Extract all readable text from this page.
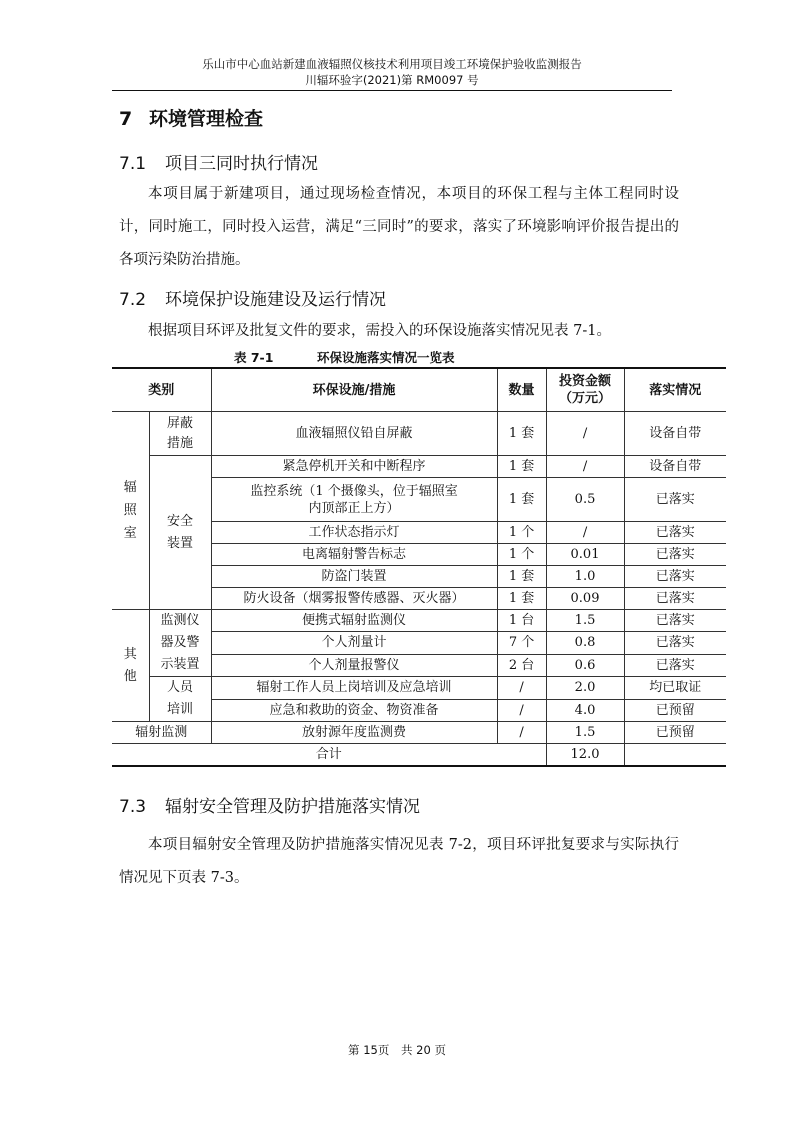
乐山市中心血站新建血液辐照仪核技术利用项目竣工环境保护验收监测报告
川辐环验字(2021)第 RM0097 号
7 环境管理检查
7.1 项目三同时执行情况
本项目属于新建项目，通过现场检查情况，本项目的环保工程与主体工程同时设计，同时施工，同时投入运营，满足“三同时”的要求，落实了环境影响评价报告提出的各项污染防治措施。
7.2 环境保护设施建设及运行情况
根据项目环评及批复文件的要求，需投入的环保设施落实情况见表 7-1。
表 7-1	环保设施落实情况一览表
类别		环保设施/措施	数量	投资金额（万元）	落实情况

辐照室	屏蔽措施	血液辐照仪铅自屏蔽	1 套	/	设备自带

	安全装置	紧急停机开关和中断程序	1 套	/	设备自带

		监控系统（1 个摄像头，位于辐照室内顶部正上方）	1 套	0.5	已落实
		工作状态指示灯	1 个	/	已落实
		电离辐射警告标志	1 个	0.01	已落实
		防盗门装置	1 套	1.0	已落实
		防火设备（烟雾报警传感器、灭火器）	1 套	0.09	已落实

其他	监测仪器及警示装置	便携式辐射监测仪	1 台	1.5	已落实
		个人剂量计	7 个	0.8	已落实
		个人剂量报警仪	2 台	0.6	已落实

	人员培训	辐射工作人员上岗培训及应急培训	/	2.0	均已取证
		应急和救助的资金、物资准备	/	4.0	已预留
辐射监测		放射源年度监测费	/	1.5	已预留
合计				12.0	
7.3 辐射安全管理及防护措施落实情况
本项目辐射安全管理及防护措施落实情况见表 7-2，项目环评批复要求与实际执行情况见下页表 7-3。
第 15页 共 20 页
